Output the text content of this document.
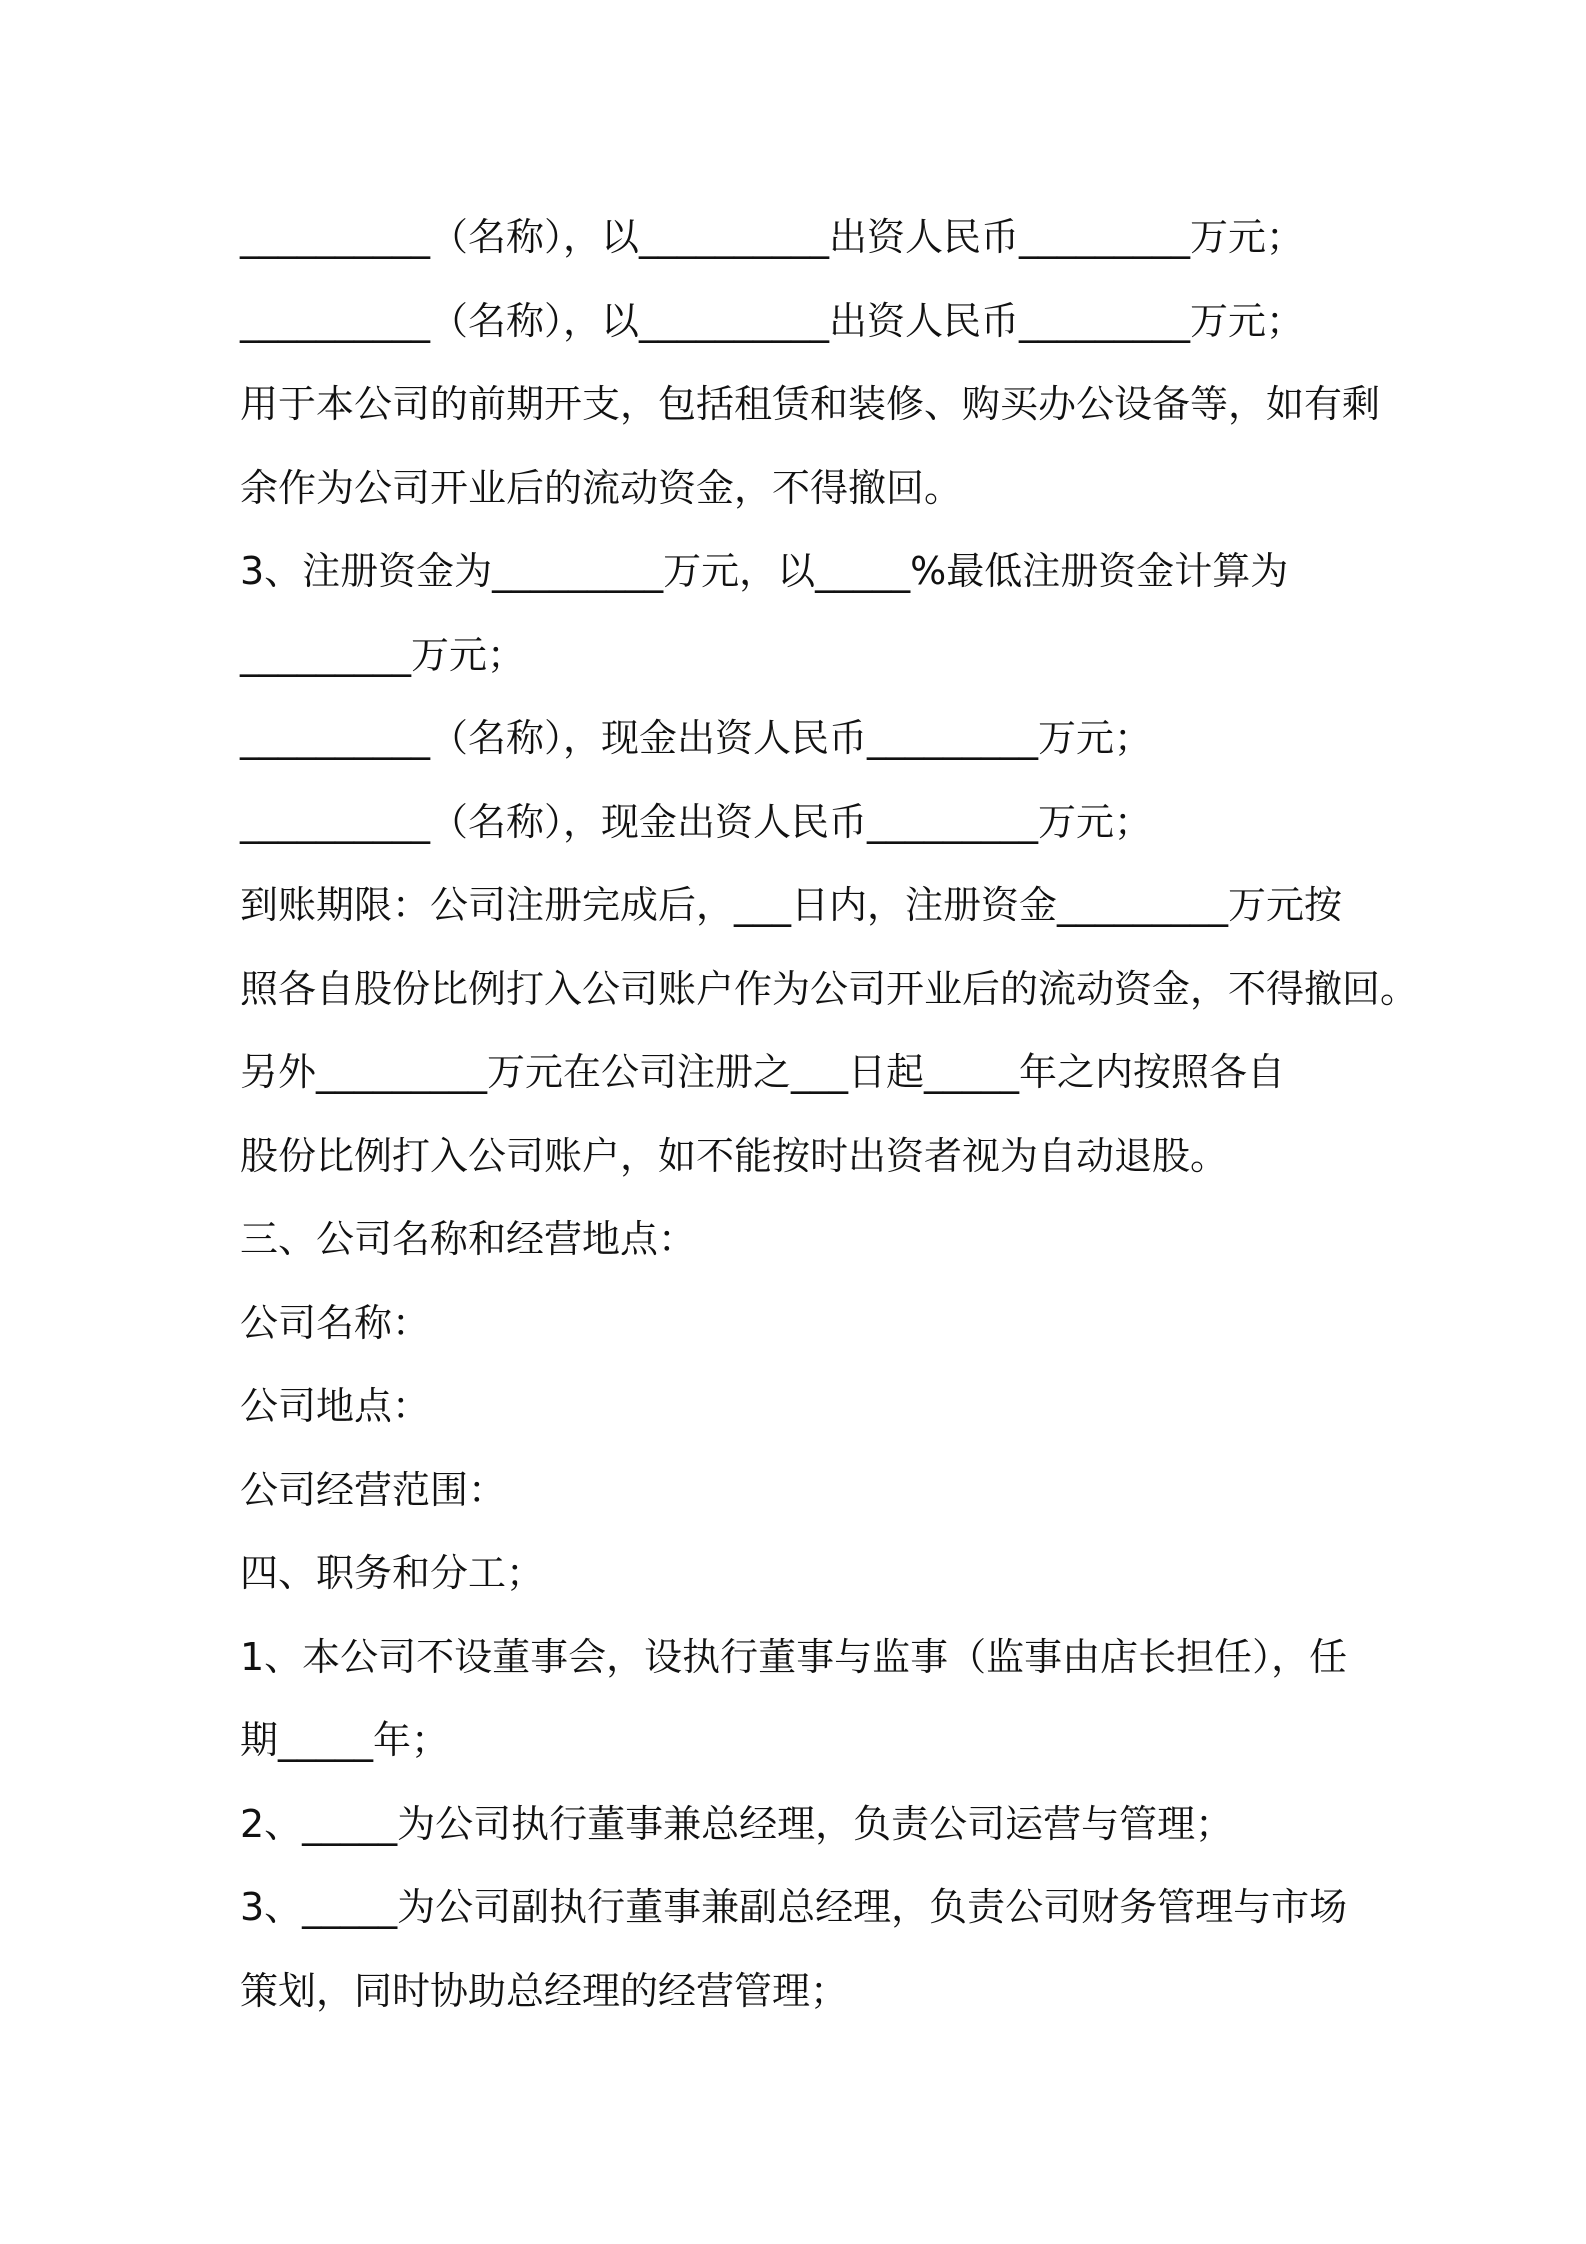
__________（名称），以__________出资人民币_________万元；
__________（名称），以__________出资人民币_________万元；
用于本公司的前期开支，包括租赁和装修、购买办公设备等，如有剩
余作为公司开业后的流动资金，不得撤回。
3、注册资金为_________万元，以_____%最低注册资金计算为
_________万元；
__________（名称），现金出资人民币_________万元；
__________（名称），现金出资人民币_________万元；
到账期限：公司注册完成后，___日内，注册资金_________万元按
照各自股份比例打入公司账户作为公司开业后的流动资金，不得撤回。
另外_________万元在公司注册之___日起_____年之内按照各自
股份比例打入公司账户，如不能按时出资者视为自动退股。
三、公司名称和经营地点：
公司名称：
公司地点：
公司经营范围：
四、职务和分工；
1、本公司不设董事会，设执行董事与监事（监事由店长担任），任
期_____年；
2、_____为公司执行董事兼总经理，负责公司运营与管理；
3、_____为公司副执行董事兼副总经理，负责公司财务管理与市场
策划，同时协助总经理的经营管理；
